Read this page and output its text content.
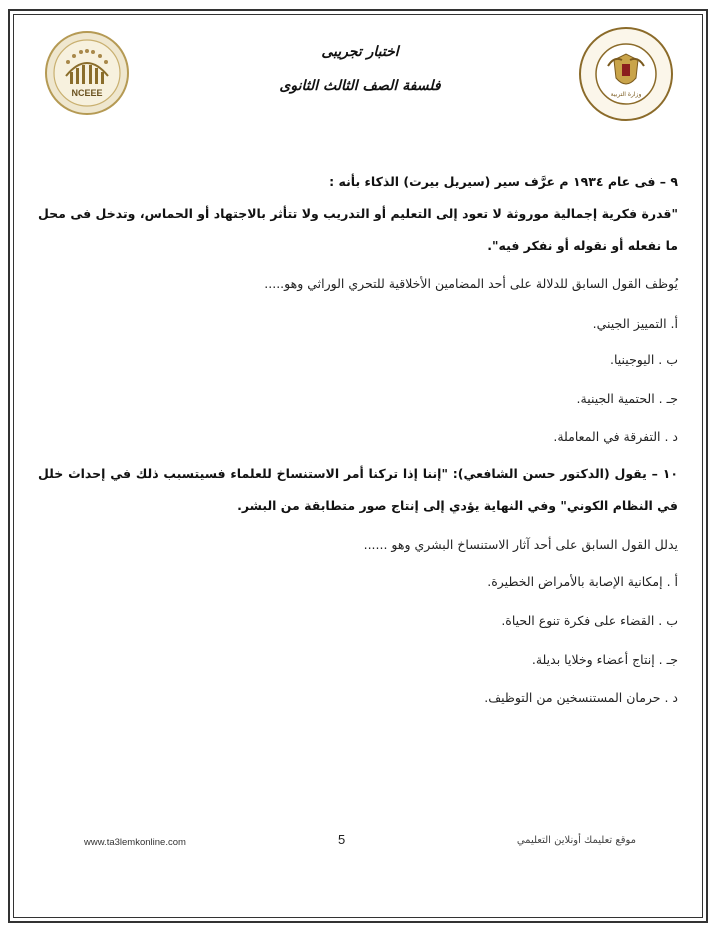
NCEEE	وزارة التربية
اختبار تجريبى
فلسفة الصف الثالث الثانوى
٩ – فى عام ١٩٣٤ م عرَّف سير (سيريل بيرت) الذكاء بأنه :
"قدرة فكرية إجمالية موروثة لا تعود إلى التعليم أو التدريب ولا تتأثر بالاجتهاد أو الحماس، وتدخل فى محل
ما نفعله أو نقوله أو نفكر فيه".
يُوظف القول السابق للدلالة على أحد المضامين الأخلاقية للتحري الوراثي وهو.....
أ. التمييز الجيني.
ب . اليوجينيا.
جـ . الحتمية الجينية.
د . التفرقة في المعاملة.
١٠ – يقول (الدكتور حسن الشافعي): "إننا إذا تركنا أمر الاستنساخ للعلماء فسيتسبب ذلك في إحداث خلل
في النظام الكوني" وفي النهاية يؤدي إلى إنتاج صور متطابقة من البشر.
يدلل القول السابق على أحد آثار الاستنساخ البشري وهو ......
أ . إمكانية الإصابة بالأمراض الخطيرة.
ب . القضاء على فكرة تنوع الحياة.
جـ . إنتاج أعضاء وخلايا بديلة.
د . حرمان المستنسخين من التوظيف.
www.ta3lemkonline.com	5	موقع تعليمك أونلاين التعليمي
